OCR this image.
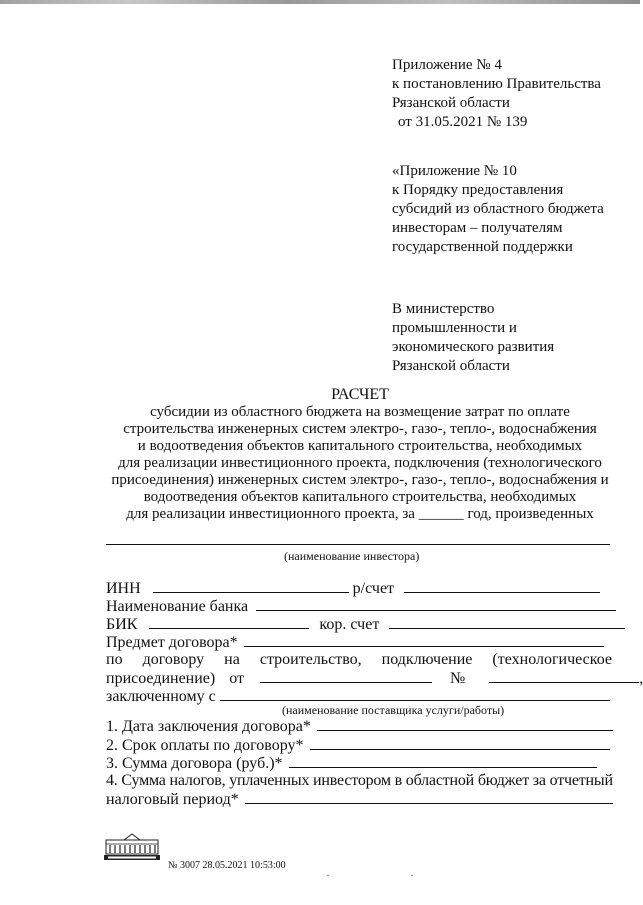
Приложение № 4
к постановлению Правительства
Рязанской области
от 31.05.2021 № 139
«Приложение № 10
к Порядку предоставления
субсидий из областного бюджета
инвесторам – получателям
государственной поддержки
В министерство
промышленности и
экономического развития
Рязанской области
РАСЧЕТ
субсидии из областного бюджета на возмещение затрат по оплате
строительства инженерных систем электро-, газо-, тепло-, водоснабжения
и водоотведения объектов капитального строительства, необходимых
для реализации инвестиционного проекта, подключения (технологического
присоединения) инженерных систем электро-, газо-, тепло-, водоснабжения и
водоотведения объектов капитального строительства, необходимых
для реализации инвестиционного проекта, за ______ год, произведенных
(наименование инвестора)
ИНН	р/счет
Наименование банка
БИК	кор. счет
Предмет договора*
по договору на строительство, подключение (технологическое
присоединение) от	№	,
заключенному с
(наименование поставщика услуги/работы)
1. Дата заключения договора*
2. Срок оплаты по договору*
3. Сумма договора (руб.)*
4. Сумма налогов, уплаченных инвестором в областной бюджет за отчетный
налоговый период*
№ 3007 28.05.2021 10:53:00
·	·
